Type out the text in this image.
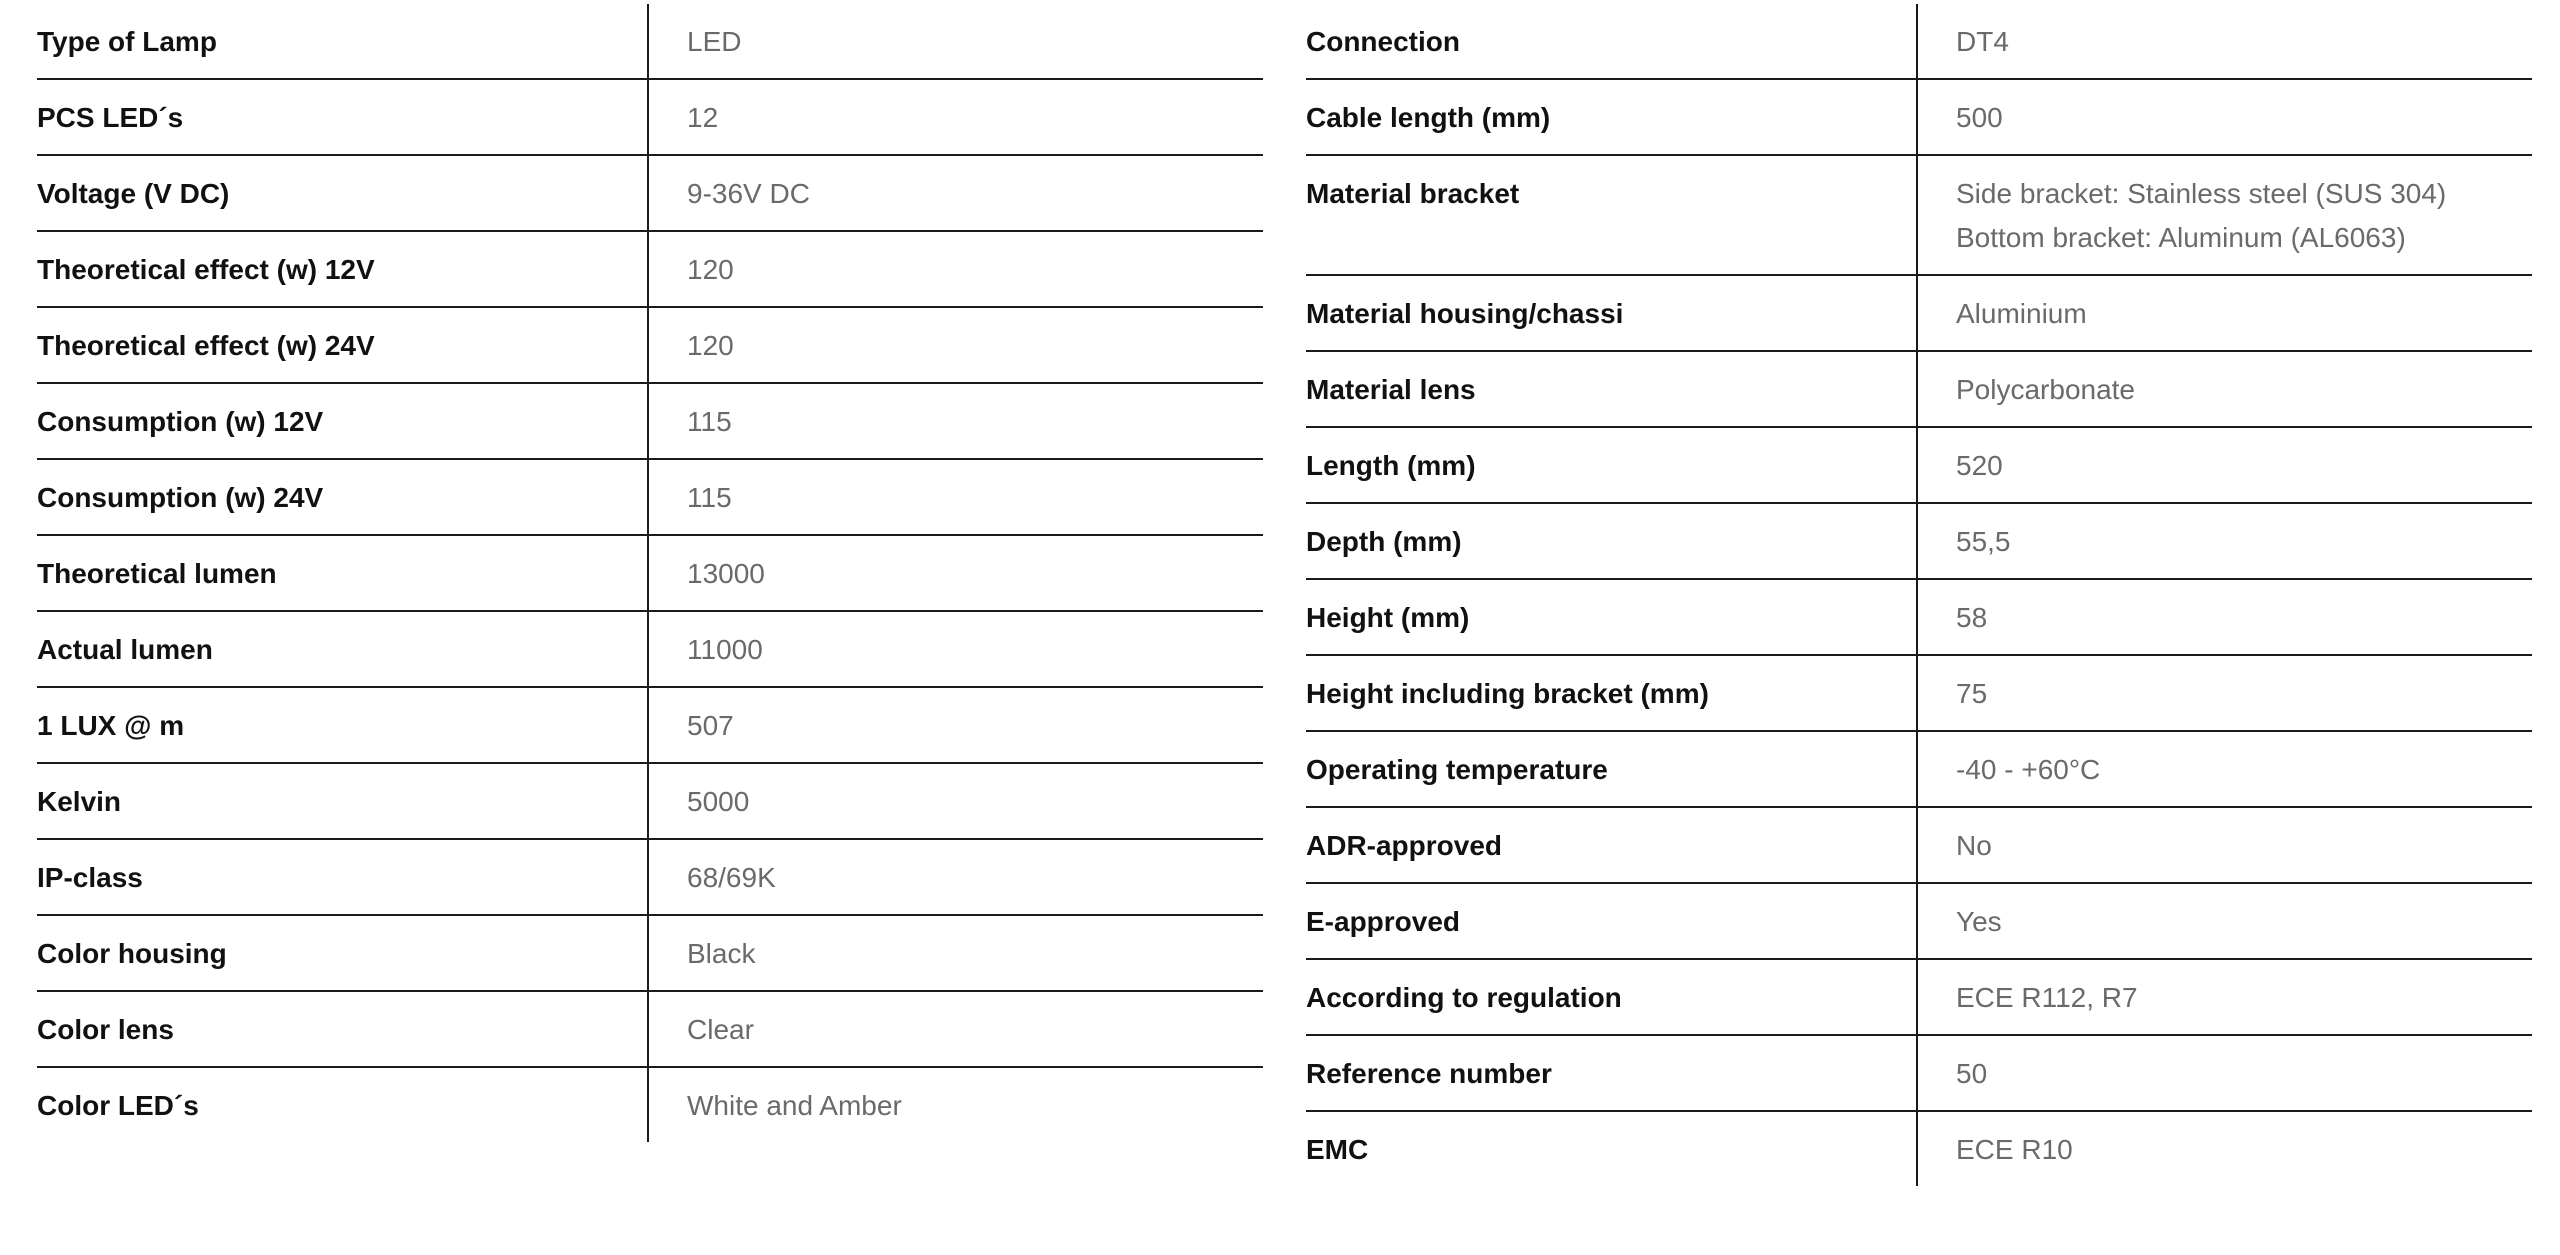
Type of Lamp	LED
PCS LED´s	12
Voltage (V DC)	9-36V DC
Theoretical effect (w) 12V	120
Theoretical effect (w) 24V	120
Consumption (w) 12V	115
Consumption (w) 24V	115
Theoretical lumen	13000
Actual lumen	11000
1 LUX @ m	507
Kelvin	5000
IP-class	68/69K
Color housing	Black
Color lens	Clear
Color LED´s	White and Amber
Connection	DT4
Cable length (mm)	500
Material bracket	Side bracket: Stainless steel (SUS 304) Bottom bracket: Aluminum (AL6063)
Material housing/chassi	Aluminium
Material lens	Polycarbonate
Length (mm)	520
Depth (mm)	55,5
Height (mm)	58
Height including bracket (mm)	75
Operating temperature	-40 - +60°C
ADR-approved	No
E-approved	Yes
According to regulation	ECE R112, R7
Reference number	50
EMC	ECE R10
